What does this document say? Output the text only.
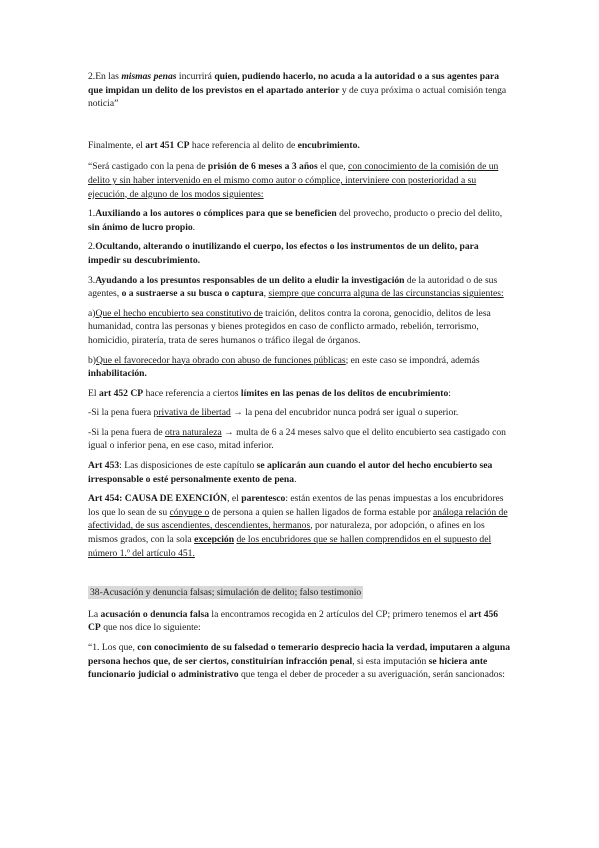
2.En las mismas penas incurrirá quien, pudiendo hacerlo, no acuda a la autoridad o a sus agentes para que impidan un delito de los previstos en el apartado anterior y de cuya próxima o actual comisión tenga noticia”

Finalmente, el art 451 CP hace referencia al delito de encubrimiento.

“Será castigado con la pena de prisión de 6 meses a 3 años el que, con conocimiento de la comisión de un delito y sin haber intervenido en el mismo como autor o cómplice, interviniere con posterioridad a su ejecución, de alguno de los modos siguientes:

1.Auxiliando a los autores o cómplices para que se beneficien del provecho, producto o precio del delito, sin ánimo de lucro propio.

2.Ocultando, alterando o inutilizando el cuerpo, los efectos o los instrumentos de un delito, para impedir su descubrimiento.

3.Ayudando a los presuntos responsables de un delito a eludir la investigación de la autoridad o de sus agentes, o a sustraerse a su busca o captura, siempre que concurra alguna de las circunstancias siguientes:

a)Que el hecho encubierto sea constitutivo de traición, delitos contra la corona, genocidio, delitos de lesa humanidad, contra las personas y bienes protegidos en caso de conflicto armado, rebelión, terrorismo, homicidio, piratería, trata de seres humanos o tráfico ilegal de órganos.

b)Que el favorecedor haya obrado con abuso de funciones públicas; en este caso se impondrá, además inhabilitación.

El art 452 CP hace referencia a ciertos límites en las penas de los delitos de encubrimiento:

-Si la pena fuera privativa de libertad → la pena del encubridor nunca podrá ser igual o superior.

-Si la pena fuera de otra naturaleza → multa de 6 a 24 meses salvo que el delito encubierto sea castigado con igual o inferior pena, en ese caso, mitad inferior.

Art 453: Las disposiciones de este capítulo se aplicarán aun cuando el autor del hecho encubierto sea irresponsable o esté personalmente exento de pena.

Art 454: CAUSA DE EXENCIÓN, el parentesco: están exentos de las penas impuestas a los encubridores los que lo sean de su cónyuge o de persona a quien se hallen ligados de forma estable por análoga relación de afectividad, de sus ascendientes, descendientes, hermanos, por naturaleza, por adopción, o afines en los mismos grados, con la sola excepción de los encubridores que se hallen comprendidos en el supuesto del número 1.º del artículo 451.

38-Acusación y denuncia falsas; simulación de delito; falso testimonio

La acusación o denuncia falsa la encontramos recogida en 2 artículos del CP; primero tenemos el art 456 CP que nos dice lo siguiente:

“1. Los que, con conocimiento de su falsedad o temerario desprecio hacia la verdad, imputaren a alguna persona hechos que, de ser ciertos, constituirían infracción penal, si esta imputación se hiciera ante funcionario judicial o administrativo que tenga el deber de proceder a su averiguación, serán sancionados:
